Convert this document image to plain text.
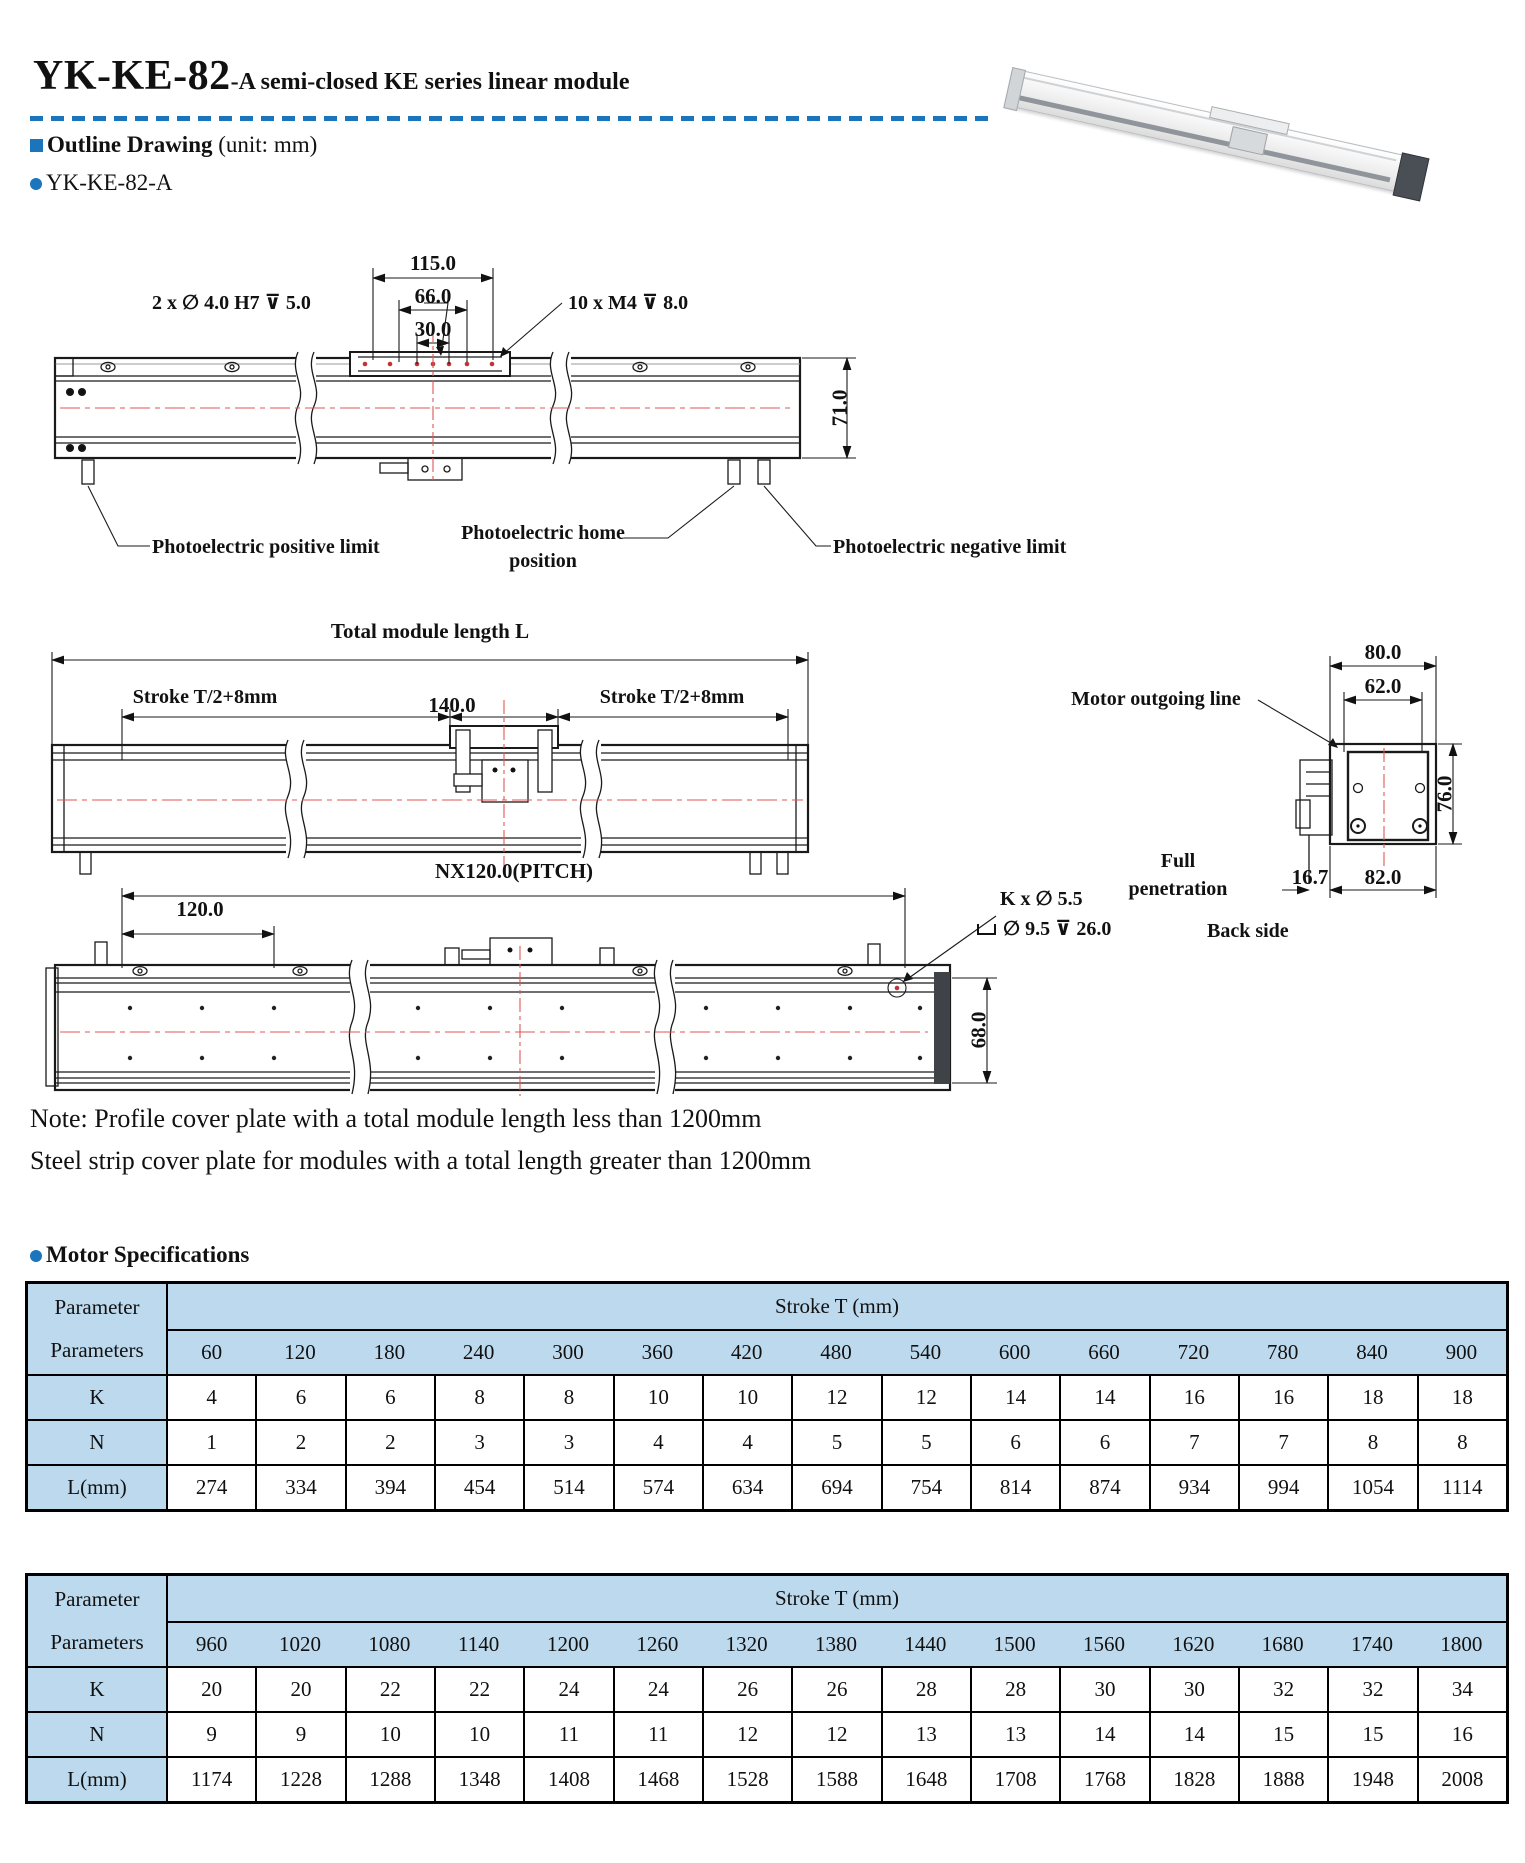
YK-KE-82-A semi-closed KE series linear module
Outline Drawing (unit: mm)
YK-KE-82-A
115.0
66.0
30.0
2 x ∅ 4.0 H7 ⊽ 5.0	10 x M4 ⊽ 8.0
71.0
Photoelectric positive limit
Photoelectric home
position
Photoelectric negative limit
Total module length L
Stroke T/2+8mm	140.0	Stroke T/2+8mm	Motor outgoing line
80.0
62.0
76.0
16.7 82.0
Full
penetration
K x ∅ 5.5
∅ 9.5 ⊽ 26.0	Back side
NX120.0(PITCH)
120.0
68.0
Note: Profile cover plate with a total module length less than 1200mm
Steel strip cover plate for modules with a total length greater than 1200mm
Motor Specifications
Parameter
Parameters
Stroke T (mm)
60	120	180	240	300	360	420	480	540	600	660	720	780	840	900
K	4	6	6	8	8	10	10	12	12	14	14	16	16	18	18
N	1	2	2	3	3	4	4	5	5	6	6	7	7	8	8
L(mm)	274	334	394	454	514	574	634	694	754	814	874	934	994	1054	1114
Parameter
Parameters
Stroke T (mm)
960	1020	1080	1140	1200	1260	1320	1380	1440	1500	1560	1620	1680	1740	1800
K	20	20	22	22	24	24	26	26	28	28	30	30	32	32	34
N	9	9	10	10	11	11	12	12	13	13	14	14	15	15	16
L(mm)	1174	1228	1288	1348	1408	1468	1528	1588	1648	1708	1768	1828	1888	1948	2008
